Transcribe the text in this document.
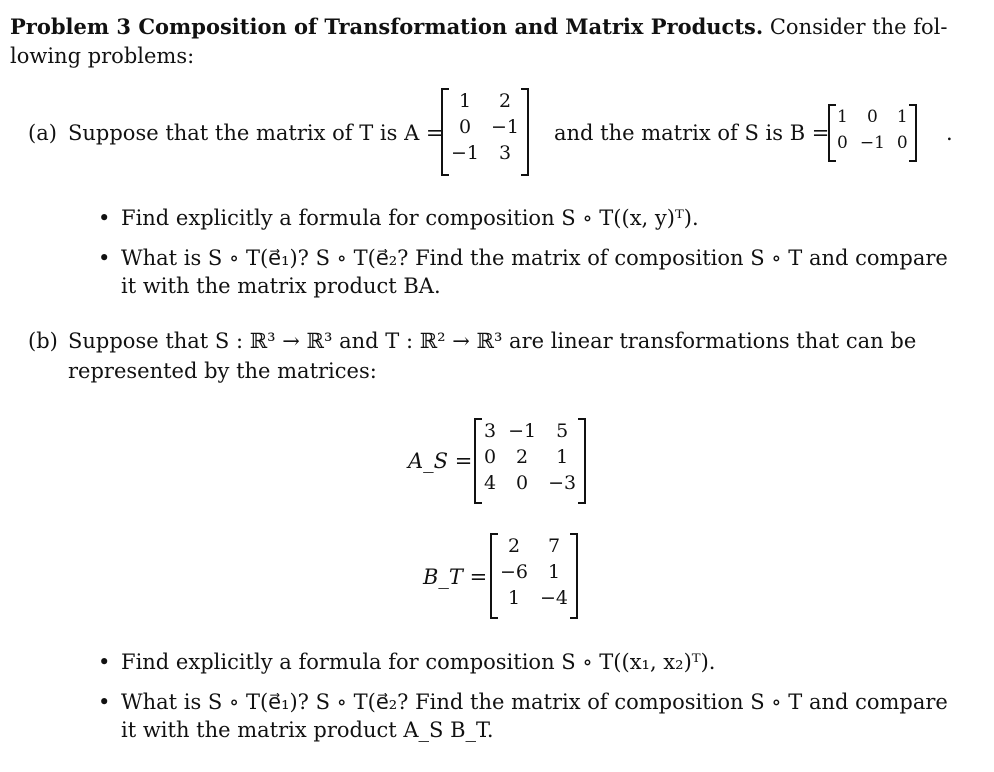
Problem 3 Composition of Transformation and Matrix Products. Consider the fol-
lowing problems:
(a) Suppose that the matrix of T is A =
1	2
0	−1
−1	3
and the matrix of S is B =
1	0	1
0	−1	0 .
• Find explicitly a formula for composition S ∘ T((x, y)ᵀ).
• What is S ∘ T(e⃗₁)? S ∘ T(e⃗₂? Find the matrix of composition S ∘ T and compare
it with the matrix product BA.
(b) Suppose that S : ℝ³ → ℝ³ and T : ℝ² → ℝ³ are linear transformations that can be
represented by the matrices:
A_S =
3	−1	5
0	2	1
4	0	−3
B_T =
2	7
−6	1
1	−4
• Find explicitly a formula for composition S ∘ T((x₁, x₂)ᵀ).
• What is S ∘ T(e⃗₁)? S ∘ T(e⃗₂? Find the matrix of composition S ∘ T and compare
it with the matrix product A_S B_T.
